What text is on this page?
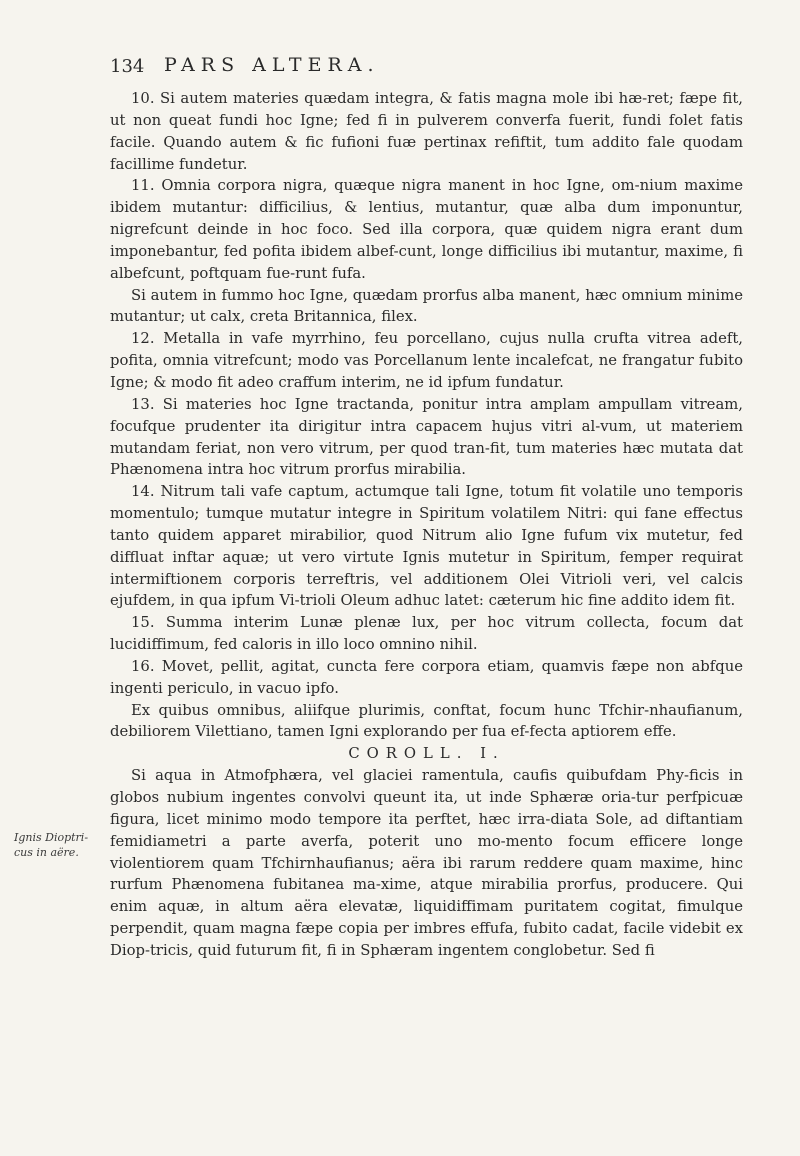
134 PARS ALTERA.
Ignis Dioptri-
cus in aëre.

10. Si autem materies quædam integra, & fatis magna mole ibi hæ-ret; fæpe fit, ut non queat fundi hoc Igne; fed fi in pulverem converfa fuerit, fundi folet fatis facile. Quando autem & fic fufioni fuæ pertinax refiftit, tum addito fale quodam facillime fundetur.

11. Omnia corpora nigra, quæque nigra manent in hoc Igne, om-nium maxime ibidem mutantur: difficilius, & lentius, mutantur, quæ alba dum imponuntur, nigrefcunt deinde in hoc foco. Sed illa corpora, quæ quidem nigra erant dum imponebantur, fed pofita ibidem albef-cunt, longe difficilius ibi mutantur, maxime, fi albefcunt, poftquam fue-runt fufa.

Si autem in fummo hoc Igne, quædam prorfus alba manent, hæc omnium minime mutantur; ut calx, creta Britannica, filex.

12. Metalla in vafe myrrhino, feu porcellano, cujus nulla crufta vitrea adeft, pofita, omnia vitrefcunt; modo vas Porcellanum lente incalefcat, ne frangatur fubito Igne; & modo fit adeo craffum interim, ne id ipfum fundatur.

13. Si materies hoc Igne tractanda, ponitur intra amplam ampullam vitream, focufque prudenter ita dirigitur intra capacem hujus vitri al-vum, ut materiem mutandam feriat, non vero vitrum, per quod tran-fit, tum materies hæc mutata dat Phænomena intra hoc vitrum prorfus mirabilia.

14. Nitrum tali vafe captum, actumque tali Igne, totum fit volatile uno temporis momentulo; tumque mutatur integre in Spiritum volatilem Nitri: qui fane effectus tanto quidem apparet mirabilior, quod Nitrum alio Igne fufum vix mutetur, fed diffluat inftar aquæ; ut vero virtute Ignis mutetur in Spiritum, femper requirat intermiftionem corporis terreftris, vel additionem Olei Vitrioli veri, vel calcis ejufdem, in qua ipfum Vi-trioli Oleum adhuc latet: cæterum hic fine addito idem fit.

15. Summa interim Lunæ plenæ lux, per hoc vitrum collecta, focum dat lucidiffimum, fed caloris in illo loco omnino nihil.

16. Movet, pellit, agitat, cuncta fere corpora etiam, quamvis fæpe non abfque ingenti periculo, in vacuo ipfo.

Ex quibus omnibus, aliifque plurimis, conftat, focum hunc Tfchir-nhaufianum, debiliorem Vilettiano, tamen Igni explorando per fua ef-fecta aptiorem effe.

COROLL. I.

Si aqua in Atmofphæra, vel glaciei ramentula, caufis quibufdam Phy-ficis in globos nubium ingentes convolvi queunt ita, ut inde Sphæræ oria-tur perfpicuæ figura, licet minimo modo tempore ita perftet, hæc irra-diata Sole, ad diftantiam femidiametri a parte averfa, poterit uno mo-mento focum efficere longe violentiorem quam Tfchirnhaufianus; aëra ibi rarum reddere quam maxime, hinc rurfum Phænomena fubitanea ma-xime, atque mirabilia prorfus, producere. Qui enim aquæ, in altum aëra elevatæ, liquidiffimam puritatem cogitat, fimulque perpendit, quam magna fæpe copia per imbres effufa, fubito cadat, facile videbit ex Diop-tricis, quid futurum fit, fi in Sphæram ingentem conglobetur. Sed fi
